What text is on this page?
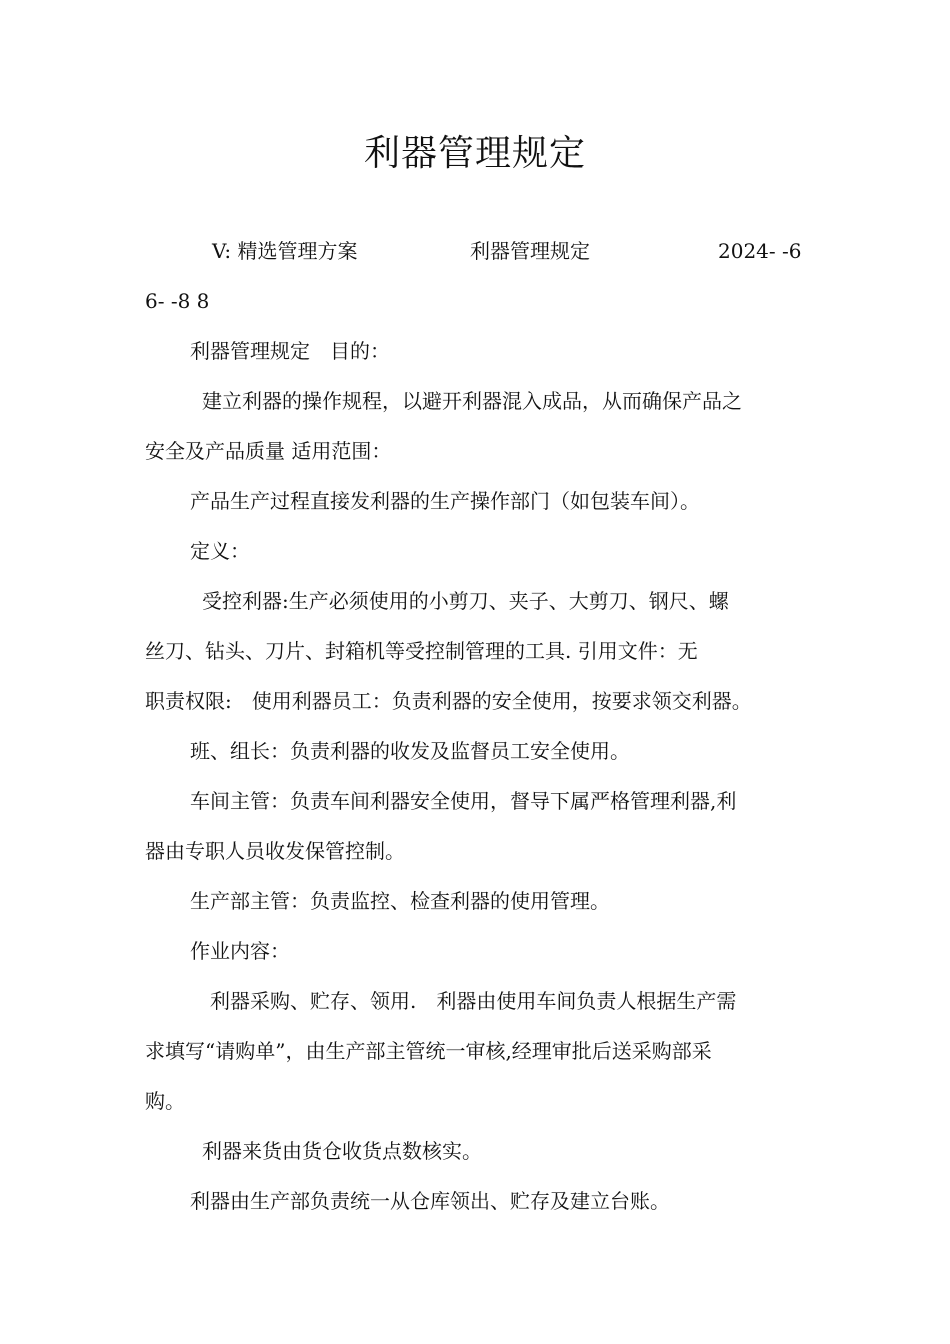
利器管理规定
V: 精选管理方案	利器管理规定	2024- -6
6- -8 8
利器管理规定　目的：
建立利器的操作规程，以避开利器混入成品，从而确保产品之
安全及产品质量 适用范围：
产品生产过程直接发利器的生产操作部门（如包装车间）。
定义：
受控利器:生产必须使用的小剪刀、夹子、大剪刀、钢尺、螺
丝刀、钻头、刀片、封箱机等受控制管理的工具. 引用文件：无
职责权限:　使用利器员工：负责利器的安全使用，按要求领交利器。
班、组长：负责利器的收发及监督员工安全使用。
车间主管：负责车间利器安全使用，督导下属严格管理利器,利
器由专职人员收发保管控制。
生产部主管：负责监控、检查利器的使用管理。
作业内容：
利器采购、贮存、领用.　利器由使用车间负责人根据生产需
求填写“请购单”，由生产部主管统一审核,经理审批后送采购部采
购。
利器来货由货仓收货点数核实。
利器由生产部负责统一从仓库领出、贮存及建立台账。
